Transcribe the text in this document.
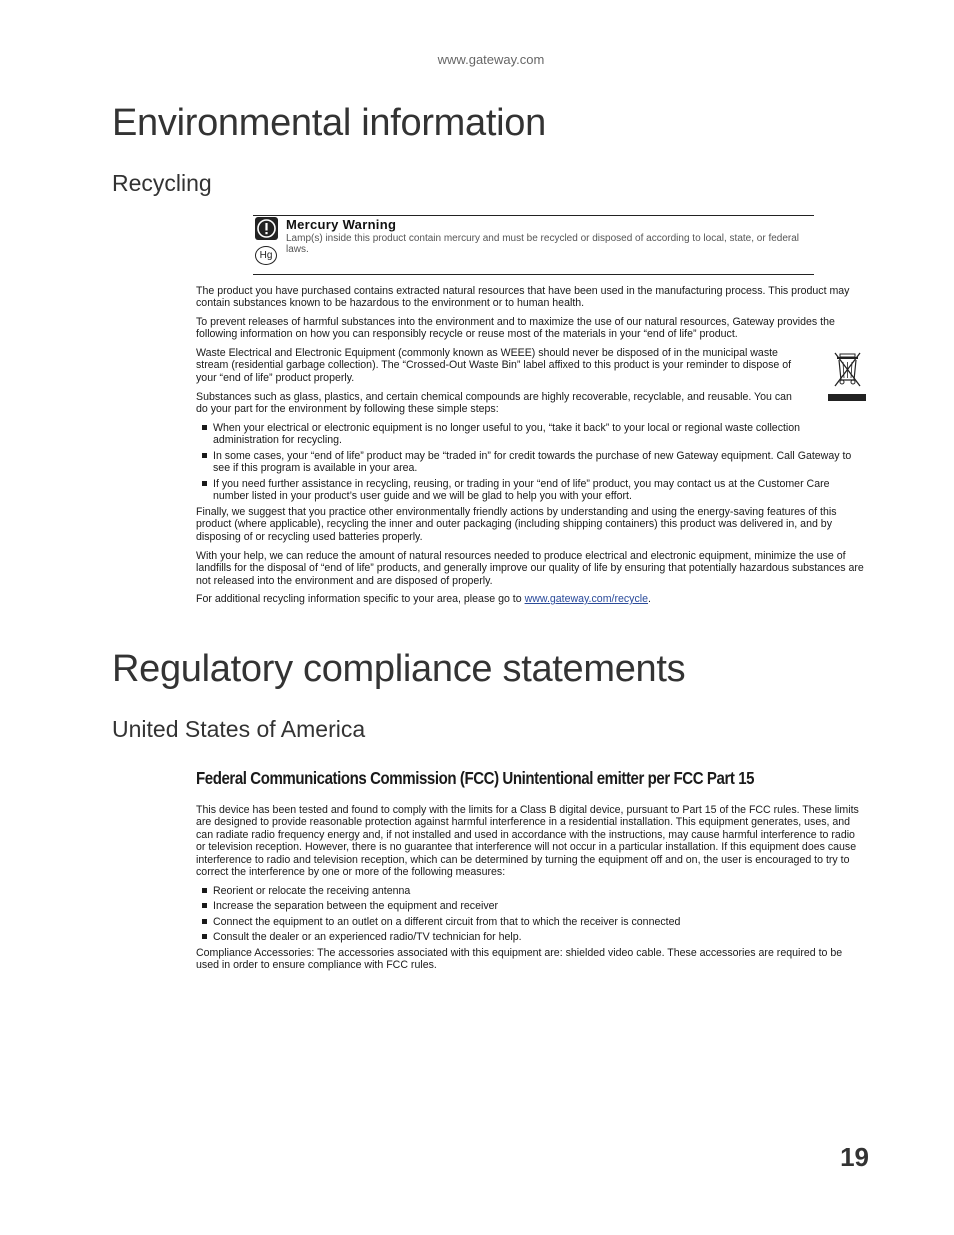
www.gateway.com
Environmental information
Recycling
Hg
Mercury Warning
Lamp(s) inside this product contain mercury and must be recycled or disposed of according to local, state, or federal laws.

The product you have purchased contains extracted natural resources that have been used in the manufacturing process. This product may contain substances known to be hazardous to the environment or to human health.

To prevent releases of harmful substances into the environment and to maximize the use of our natural resources, Gateway provides the following information on how you can responsibly recycle or reuse most of the materials in your “end of life” product.

Waste Electrical and Electronic Equipment (commonly known as WEEE) should never be disposed of in the municipal waste stream (residential garbage collection). The “Crossed-Out Waste Bin” label affixed to this product is your reminder to dispose of your “end of life” product properly.

Substances such as glass, plastics, and certain chemical compounds are highly recoverable, recyclable, and reusable. You can do your part for the environment by following these simple steps:

When your electrical or electronic equipment is no longer useful to you, “take it back” to your local or regional waste collection administration for recycling.
In some cases, your “end of life” product may be “traded in” for credit towards the purchase of new Gateway equipment. Call Gateway to see if this program is available in your area.
If you need further assistance in recycling, reusing, or trading in your “end of life” product, you may contact us at the Customer Care number listed in your product’s user guide and we will be glad to help you with your effort.

Finally, we suggest that you practice other environmentally friendly actions by understanding and using the energy-saving features of this product (where applicable), recycling the inner and outer packaging (including shipping containers) this product was delivered in, and by disposing of or recycling used batteries properly.

With your help, we can reduce the amount of natural resources needed to produce electrical and electronic equipment, minimize the use of landfills for the disposal of “end of life” products, and generally improve our quality of life by ensuring that potentially hazardous substances are not released into the environment and are disposed of properly.

For additional recycling information specific to your area, please go to www.gateway.com/recycle.

Regulatory compliance statements
United States of America
Federal Communications Commission (FCC) Unintentional emitter per FCC Part 15

This device has been tested and found to comply with the limits for a Class B digital device, pursuant to Part 15 of the FCC rules. These limits are designed to provide reasonable protection against harmful interference in a residential installation. This equipment generates, uses, and can radiate radio frequency energy and, if not installed and used in accordance with the instructions, may cause harmful interference to radio or television reception. However, there is no guarantee that interference will not occur in a particular installation. If this equipment does cause interference to radio and television reception, which can be determined by turning the equipment off and on, the user is encouraged to try to correct the interference by one or more of the following measures:

Reorient or relocate the receiving antenna
Increase the separation between the equipment and receiver
Connect the equipment to an outlet on a different circuit from that to which the receiver is connected
Consult the dealer or an experienced radio/TV technician for help.

Compliance Accessories: The accessories associated with this equipment are: shielded video cable. These accessories are required to be used in order to ensure compliance with FCC rules.

19
